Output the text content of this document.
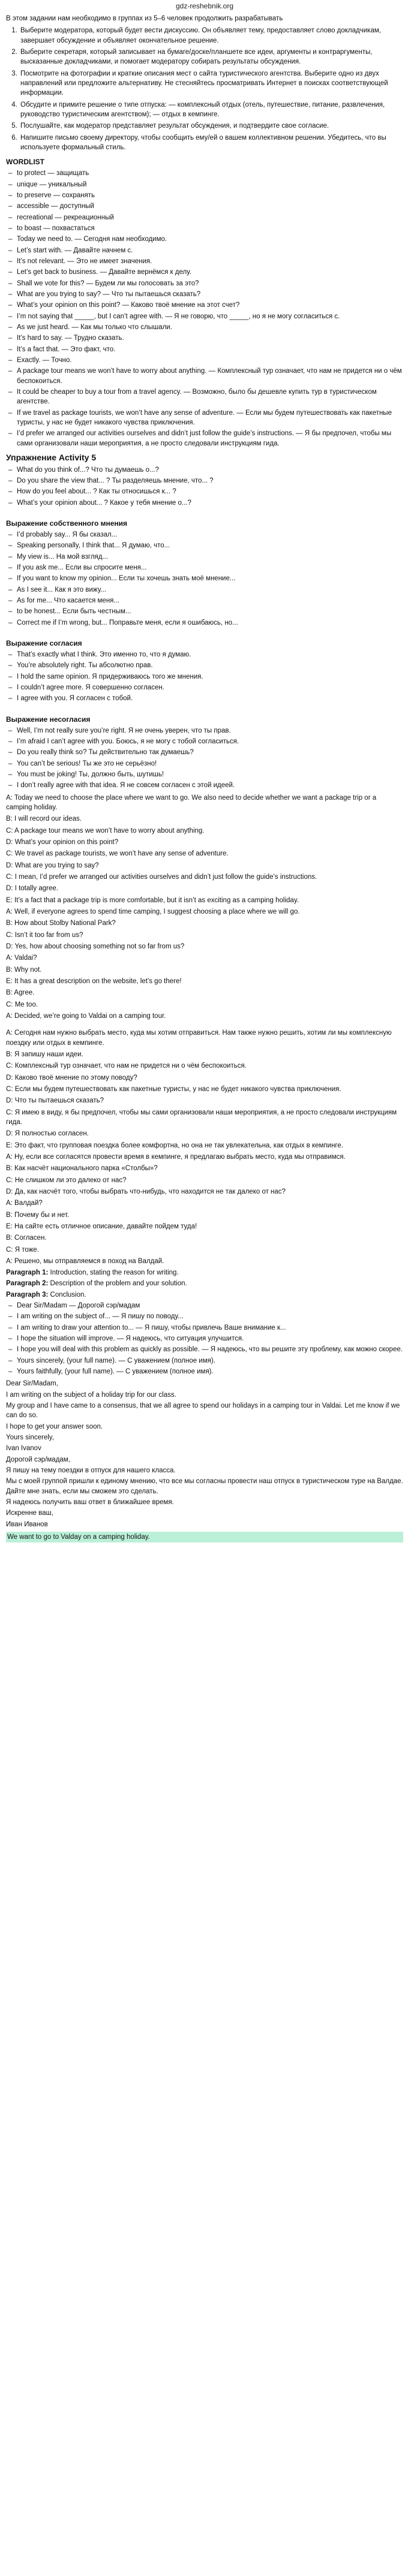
gdz-reshebnik.org

В этом задании нам необходимо в группах из 5–6 человек продолжить разрабатывать

1. Выберите модератора, который будет вести дискуссию. Он объявляет тему, предоставляет слово докладчикам, завершает обсуждение и объявляет окончательное решение.
2. Выберите секретаря, который записывает на бумаге/доске/планшете все идеи, аргументы и контраргументы, высказанные докладчиками, и помогает модератору собирать результаты обсуждения.
3. Посмотрите на фотографии и краткие описания мест о сайта туристического агентства. Выберите одно из двух направлений или предложите альтернативу. Не стесняйтесь просматривать Интернет в поисках соответствующей информации.
4. Обсудите и примите решение о типе отпуска: — комплексный отдых (отель, путешествие, питание, развлечения, руководство туристическим агентством); — отдых в кемпинге.
5. Послушайте, как модератор представляет результат обсуждения, и подтвердите свое согласие.
6. Напишите письмо своему директору, чтобы сообщить ему/ей о вашем коллективном решении. Убедитесь, что вы используете формальный стиль.
WORDLIST
– to protect — защищать
– unique — уникальный
– to preserve — сохранять
– accessible — доступный
– recreational — рекреационный
– to boast — похвастаться
– Today we need to. — Сегодня нам необходимо.
– Let’s start with. — Давайте начнем с.
– It’s not relevant. — Это не имеет значения.
– Let’s get back to business. — Давайте вернёмся к делу.
– Shall we vote for this? — Будем ли мы голосовать за это?
– What are you trying to say? — Что ты пытаешься сказать?
– What’s your opinion on this point? — Каково твоё мнение на этот счет?
– I’m not saying that _____, but I can’t agree with. — Я не говорю, что _____, но я не могу согласиться с.
– As we just heard. — Как мы только что слышали.
– It’s hard to say. — Трудно сказать.
– It’s a fact that. — Это факт, что.
– Exactly. — Точно.
– A package tour means we won’t have to worry about anything. — Комплексный тур означает, что нам не придется ни о чём беспокоиться.
– It could be cheaper to buy a tour from a travel agency. — Возможно, было бы дешевле купить тур в туристическом агентстве.
– If we travel as package tourists, we won’t have any sense of adventure. — Если мы будем путешествовать как пакетные туристы, у нас не будет никакого чувства приключения.
– I’d prefer we arranged our activities ourselves and didn’t just follow the guide’s instructions. — Я бы предпочел, чтобы мы сами организовали наши мероприятия, а не просто следовали инструкциям гида.
Упражнение Activity 5
– What do you think of...? Что ты думаешь о...?
– Do you share the view that... ? Ты разделяешь мнение, что... ?
– How do you feel about... ? Как ты относишься к... ?
– What’s your opinion about... ? Какое у тебя мнение о...?
Выражение собственного мнения
– I’d probably say... Я бы сказал...
– Speaking personally, I think that... Я думаю, что...
– My view is... На мой взгляд...
– If you ask me... Если вы спросите меня...
– If you want to know my opinion... Если ты хочешь знать моё мнение...
– As I see it... Как я это вижу...
– As for me... Что касается меня...
– to be honest... Если быть честным...
– Correct me if I’m wrong, but... Поправьте меня, если я ошибаюсь, но...
Выражение согласия
– That’s exactly what I think. Это именно то, что я думаю.
– You’re absolutely right. Ты абсолютно прав.
– I hold the same opinion. Я придерживаюсь того же мнения.
– I couldn’t agree more. Я совершенно согласен.
– I agree with you. Я согласен с тобой.
Выражение несогласия
– Well, I’m not really sure you’re right. Я не очень уверен, что ты прав.
– I’m afraid I can’t agree with you. Боюсь, я не могу с тобой согласиться.
– Do you really think so? Ты действительно так думаешь?
– You can’t be serious! Ты же это не серьёзно!
– You must be joking! Ты, должно быть, шутишь!
– I don’t really agree with that idea. Я не совсем согласен с этой идеей.

A: Today we need to choose the place where we want to go. We also need to decide whether we want a package trip or a camping holiday.

B: I will record our ideas.

C: A package tour means we won’t have to worry about anything.

D: What’s your opinion on this point?

C: We travel as package tourists, we won’t have any sense of adventure.

D: What are you trying to say?

C: I mean, I’d prefer we arranged our activities ourselves and didn’t just follow the guide’s instructions.

D: I totally agree.

E: It’s a fact that a package trip is more comfortable, but it isn’t as exciting as a camping holiday.

A: Well, if everyone agrees to spend time camping, I suggest choosing a place where we will go.

B: How about Stolby National Park?

C: Isn’t it too far from us?

D: Yes, how about choosing something not so far from us?

A: Valdai?

B: Why not.

E: It has a great description on the website, let’s go there!

B: Agree.

C: Me too.

A: Decided, we’re going to Valdai on a camping tour.

А: Сегодня нам нужно выбрать место, куда мы хотим отправиться. Нам также нужно решить, хотим ли мы комплексную поездку или отдых в кемпинге.

В: Я запишу наши идеи.

С: Комплексный тур означает, что нам не придется ни о чём беспокоиться.

D: Каково твоё мнение по этому поводу?

С: Если мы будем путешествовать как пакетные туристы, у нас не будет никакого чувства приключения.

D: Что ты пытаешься сказать?

С: Я имею в виду, я бы предпочел, чтобы мы сами организовали наши мероприятия, а не просто следовали инструкциям гида.

D: Я полностью согласен.

Е: Это факт, что групповая поездка более комфортна, но она не так увлекательна, как отдых в кемпинге.

А: Ну, если все согласятся провести время в кемпинге, я предлагаю выбрать место, куда мы отправимся.

В: Как насчёт национального парка «Столбы»?

С: Не слишком ли это далеко от нас?

D: Да, как насчёт того, чтобы выбрать что-нибудь, что находится не так далеко от нас?

А: Валдай?

В: Почему бы и нет.

Е: На сайте есть отличное описание, давайте пойдем туда!

В: Согласен.

С: Я тоже.

А: Решено, мы отправляемся в поход на Валдай.

Paragraph 1: Introduction, stating the reason for writing.

Paragraph 2: Description of the problem and your solution.

Paragraph 3: Conclusion.

– Dear Sir/Madam — Дорогой сэр/мадам
– I am writing on the subject of... — Я пишу по поводу...
– I am writing to draw your attention to... — Я пишу, чтобы привлечь Ваше внимание к...
– I hope the situation will improve. — Я надеюсь, что ситуация улучшится.
– I hope you will deal with this problem as quickly as possible. — Я надеюсь, что вы решите эту проблему, как можно скорее.
– Yours sincerely, (your full name). — С уважением (полное имя).
– Yours faithfully, (your full name). — С уважением (полное имя).

Dear Sir/Madam,

I am writing on the subject of a holiday trip for our class.

My group and I have came to a consensus, that we all agree to spend our holidays in a camping tour in Valdai. Let me know if we can do so.

I hope to get your answer soon.

Yours sincerely,

Ivan Ivanov

Дорогой сэр/мадам,

Я пишу на тему поездки в отпуск для нашего класса.

Мы с моей группой пришли к единому мнению, что все мы согласны провести наш отпуск в туристическом туре на Валдае. Дайте мне знать, если мы сможем это сделать.

Я надеюсь получить ваш ответ в ближайшее время.

Искренне ваш,

Иван Иванов

We want to go to Valday on a camping holiday.
